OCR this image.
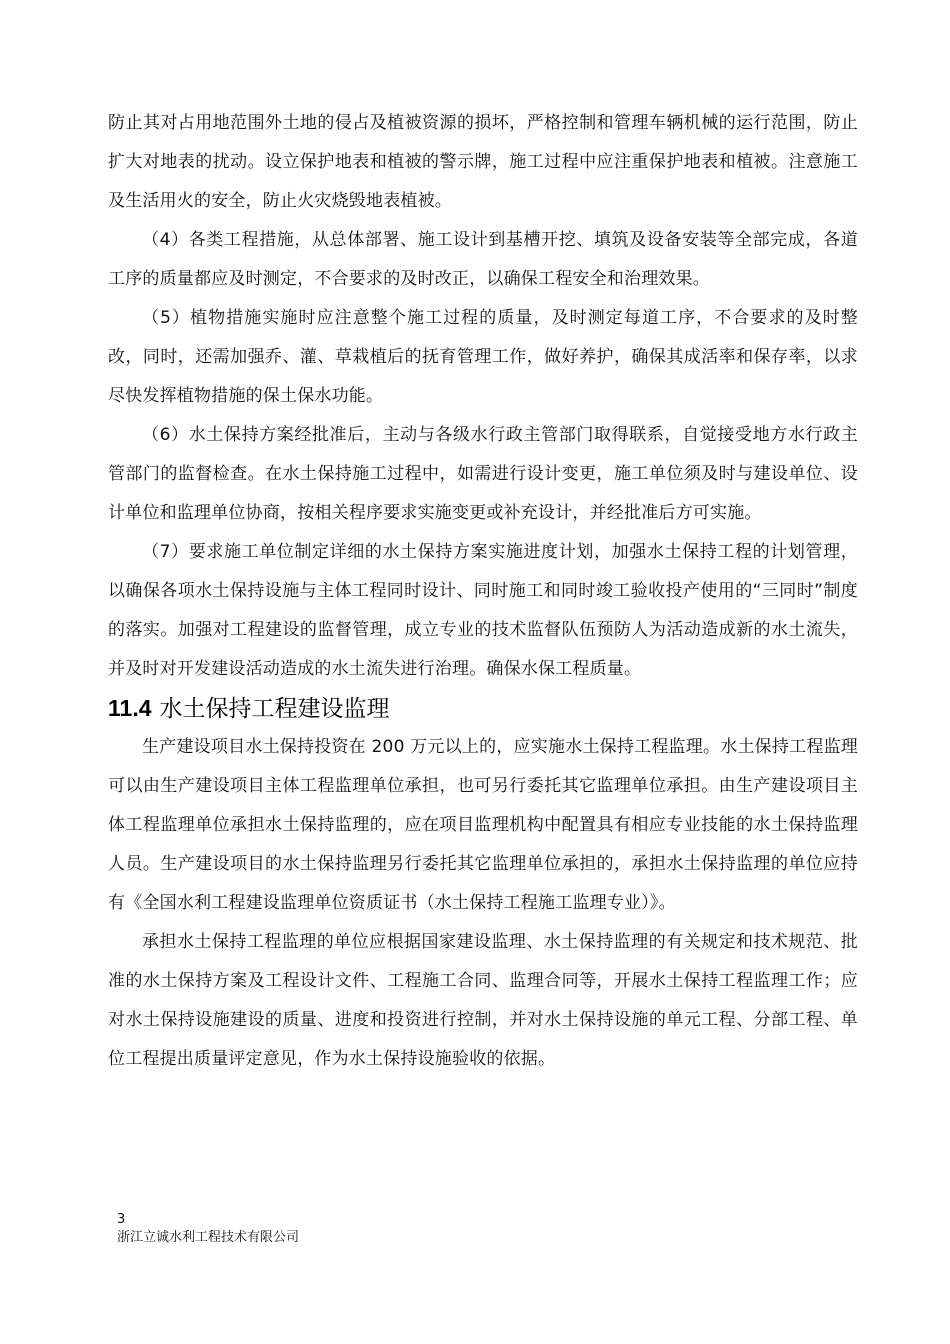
防止其对占用地范围外土地的侵占及植被资源的损坏，严格控制和管理车辆机械的运行范围，防止扩大对地表的扰动。设立保护地表和植被的警示牌，施工过程中应注重保护地表和植被。注意施工及生活用火的安全，防止火灾烧毁地表植被。

（4）各类工程措施，从总体部署、施工设计到基槽开挖、填筑及设备安装等全部完成，各道工序的质量都应及时测定，不合要求的及时改正，以确保工程安全和治理效果。

（5）植物措施实施时应注意整个施工过程的质量，及时测定每道工序，不合要求的及时整改，同时，还需加强乔、灌、草栽植后的抚育管理工作，做好养护，确保其成活率和保存率，以求尽快发挥植物措施的保土保水功能。

（6）水土保持方案经批准后，主动与各级水行政主管部门取得联系，自觉接受地方水行政主管部门的监督检查。在水土保持施工过程中，如需进行设计变更，施工单位须及时与建设单位、设计单位和监理单位协商，按相关程序要求实施变更或补充设计，并经批准后方可实施。

（7）要求施工单位制定详细的水土保持方案实施进度计划，加强水土保持工程的计划管理，以确保各项水土保持设施与主体工程同时设计、同时施工和同时竣工验收投产使用的“三同时”制度的落实。加强对工程建设的监督管理，成立专业的技术监督队伍预防人为活动造成新的水土流失，并及时对开发建设活动造成的水土流失进行治理。确保水保工程质量。

11.4 水土保持工程建设监理

生产建设项目水土保持投资在 200 万元以上的，应实施水土保持工程监理。水土保持工程监理可以由生产建设项目主体工程监理单位承担，也可另行委托其它监理单位承担。由生产建设项目主体工程监理单位承担水土保持监理的，应在项目监理机构中配置具有相应专业技能的水土保持监理人员。生产建设项目的水土保持监理另行委托其它监理单位承担的，承担水土保持监理的单位应持有《全国水利工程建设监理单位资质证书（水土保持工程施工监理专业）》。

承担水土保持工程监理的单位应根据国家建设监理、水土保持监理的有关规定和技术规范、批准的水土保持方案及工程设计文件、工程施工合同、监理合同等，开展水土保持工程监理工作；应对水土保持设施建设的质量、进度和投资进行控制，并对水土保持设施的单元工程、分部工程、单位工程提出质量评定意见，作为水土保持设施验收的依据。

3
浙江立诚水利工程技术有限公司
